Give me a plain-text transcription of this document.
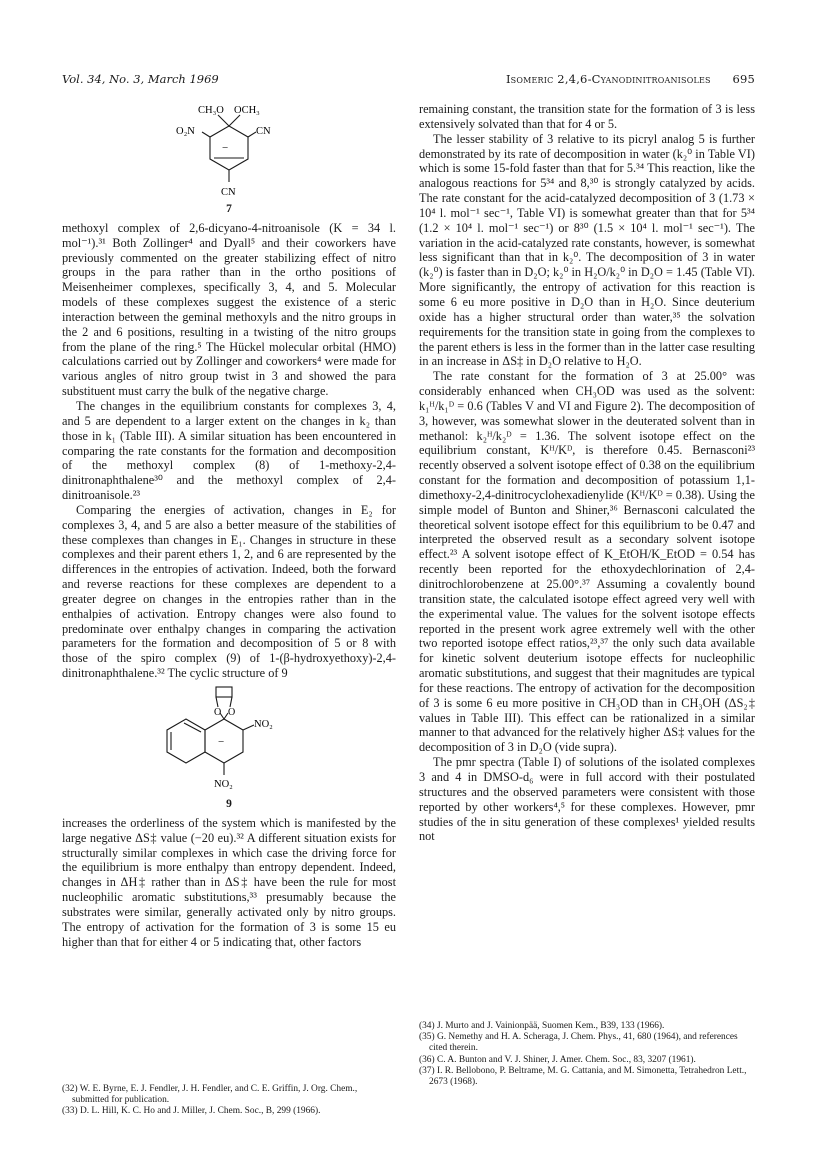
Vol. 34, No. 3, March 1969	Isomeric 2,4,6-Cyanodinitroanisoles 695
−
CH₃O OCH₃
O₂N	CN
CN
7

methoxyl complex of 2,6-dicyano-4-nitroanisole (K = 34 l. mol⁻¹).³¹ Both Zollinger⁴ and Dyall⁵ and their coworkers have previously commented on the greater stabilizing effect of nitro groups in the para rather than in the ortho positions of Meisenheimer complexes, specifically 3, 4, and 5. Molecular models of these complexes suggest the existence of a steric interaction between the geminal methoxyls and the nitro groups in the 2 and 6 positions, resulting in a twisting of the nitro groups from the plane of the ring.⁵ The Hückel molecular orbital (HMO) calculations carried out by Zollinger and coworkers⁴ were made for various angles of nitro group twist in 3 and showed the para substituent must carry the bulk of the negative charge.

The changes in the equilibrium constants for complexes 3, 4, and 5 are dependent to a larger extent on the changes in k₂ than those in k₁ (Table III). A similar situation has been encountered in comparing the rate constants for the formation and decomposition of the methoxyl complex (8) of 1-methoxy-2,4-dinitronaphthalene³⁰ and the methoxyl complex of 2,4-dinitroanisole.²³

Comparing the energies of activation, changes in E₂ for complexes 3, 4, and 5 are also a better measure of the stabilities of these complexes than changes in E₁. Changes in structure in these complexes and their parent ethers 1, 2, and 6 are represented by the differences in the entropies of activation. Indeed, both the forward and reverse reactions for these complexes are dependent to a greater degree on changes in the entropies rather than in the enthalpies of activation. Entropy changes were also found to predominate over enthalpy changes in comparing the activation parameters for the formation and decomposition of 5 or 8 with those of the spiro complex (9) of 1-(β-hydroxyethoxy)-2,4-dinitronaphthalene.³² The cyclic structure of 9

O O
−
NO₂
NO₂
9

increases the orderliness of the system which is manifested by the large negative ΔS‡ value (−20 eu).³² A different situation exists for structurally similar complexes in which case the driving force for the equilibrium is more enthalpy than entropy dependent. Indeed, changes in ΔH‡ rather than in ΔS‡ have been the rule for most nucleophilic aromatic substitutions,³³ presumably because the substrates were similar, generally activated only by nitro groups. The entropy of activation for the formation of 3 is some 15 eu higher than that for either 4 or 5 indicating that, other factors

(32) W. E. Byrne, E. J. Fendler, J. H. Fendler, and C. E. Griffin, J. Org. Chem., submitted for publication.

(33) D. L. Hill, K. C. Ho and J. Miller, J. Chem. Soc., B, 299 (1966).

remaining constant, the transition state for the formation of 3 is less extensively solvated than that for 4 or 5.

The lesser stability of 3 relative to its picryl analog 5 is further demonstrated by its rate of decomposition in water (k₂⁰ in Table VI) which is some 15-fold faster than that for 5.³⁴ This reaction, like the analogous reactions for 5³⁴ and 8,³⁰ is strongly catalyzed by acids. The rate constant for the acid-catalyzed decomposition of 3 (1.73 × 10⁴ l. mol⁻¹ sec⁻¹, Table VI) is somewhat greater than that for 5³⁴ (1.2 × 10⁴ l. mol⁻¹ sec⁻¹) or 8³⁰ (1.5 × 10⁴ l. mol⁻¹ sec⁻¹). The variation in the acid-catalyzed rate constants, however, is somewhat less significant than that in k₂⁰. The decomposition of 3 in water (k₂⁰) is faster than in D₂O; k₂⁰ in H₂O/k₂⁰ in D₂O = 1.45 (Table VI). More significantly, the entropy of activation for this reaction is some 6 eu more positive in D₂O than in H₂O. Since deuterium oxide has a higher structural order than water,³⁵ the solvation requirements for the transition state in going from the complexes to the parent ethers is less in the former than in the latter case resulting in an increase in ΔS‡ in D₂O relative to H₂O.

The rate constant for the formation of 3 at 25.00° was considerably enhanced when CH₃OD was used as the solvent: k₁ᴴ/k₁ᴰ = 0.6 (Tables V and VI and Figure 2). The decomposition of 3, however, was somewhat slower in the deuterated solvent than in methanol: k₂ᴴ/k₂ᴰ = 1.36. The solvent isotope effect on the equilibrium constant, Kᴴ/Kᴰ, is therefore 0.45. Bernasconi²³ recently observed a solvent isotope effect of 0.38 on the equilibrium constant for the formation and decomposition of potassium 1,1-dimethoxy-2,4-dinitrocyclohexadienylide (Kᴴ/Kᴰ = 0.38). Using the simple model of Bunton and Shiner,³⁶ Bernasconi calculated the theoretical solvent isotope effect for this equilibrium to be 0.47 and interpreted the observed result as a secondary solvent isotope effect.²³ A solvent isotope effect of K_EtOH/K_EtOD = 0.54 has recently been reported for the ethoxydechlorination of 2,4-dinitrochlorobenzene at 25.00°.³⁷ Assuming a covalently bound transition state, the calculated isotope effect agreed very well with the experimental value. The values for the solvent isotope effects reported in the present work agree extremely well with the other two reported isotope effect ratios,²³,³⁷ the only such data available for kinetic solvent deuterium isotope effects for nucleophilic aromatic substitutions, and suggest that their magnitudes are typical for these reactions. The entropy of activation for the decomposition of 3 is some 6 eu more positive in CH₃OD than in CH₃OH (ΔS₂‡ values in Table III). This effect can be rationalized in a similar manner to that advanced for the relatively higher ΔS‡ values for the decomposition of 3 in D₂O (vide supra).

The pmr spectra (Table I) of solutions of the isolated complexes 3 and 4 in DMSO-d₆ were in full accord with their postulated structures and the observed parameters were consistent with those reported by other workers⁴,⁵ for these complexes. However, pmr studies of the in situ generation of these complexes¹ yielded results not

(34) J. Murto and J. Vainionpää, Suomen Kem., B39, 133 (1966).

(35) G. Nemethy and H. A. Scheraga, J. Chem. Phys., 41, 680 (1964), and references cited therein.

(36) C. A. Bunton and V. J. Shiner, J. Amer. Chem. Soc., 83, 3207 (1961).

(37) I. R. Bellobono, P. Beltrame, M. G. Cattania, and M. Simonetta, Tetrahedron Lett., 2673 (1968).
